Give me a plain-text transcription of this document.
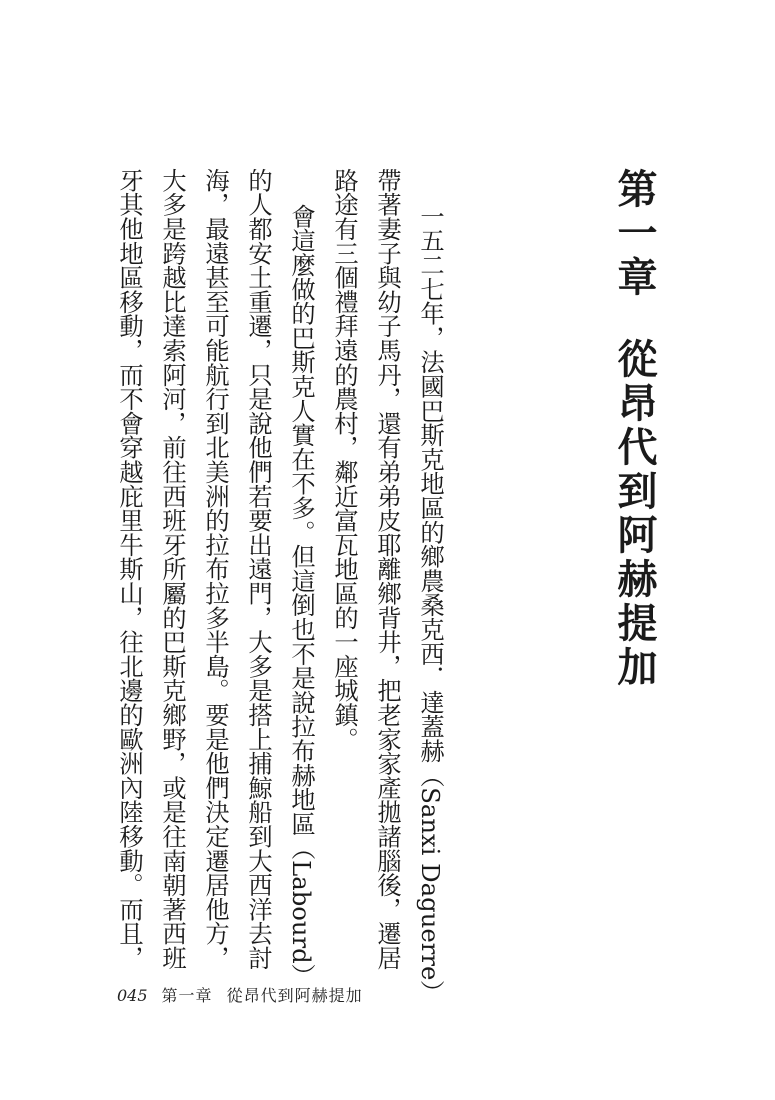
第一章從昂代到阿赫提加

一五二七年，法國巴斯克地區的鄉農桑克西．達蓋赫（Sanxi Daguerre）

帶著妻子與幼子馬丹，還有弟弟皮耶離鄉背井，把老家家產拋諸腦後，遷居

路途有三個禮拜遠的農村，鄰近富瓦地區的一座城鎮。

會這麼做的巴斯克人實在不多。但這倒也不是說拉布赫地區（Labourd）

的人都安土重遷，只是說他們若要出遠門，大多是搭上捕鯨船到大西洋去討

海，最遠甚至可能航行到北美洲的拉布拉多半島。要是他們決定遷居他方，

大多是跨越比達索阿河，前往西班牙所屬的巴斯克鄉野，或是往南朝著西班

牙其他地區移動，而不會穿越庇里牛斯山，往北邊的歐洲內陸移動。而且，

045 第一章 從昂代到阿赫提加
